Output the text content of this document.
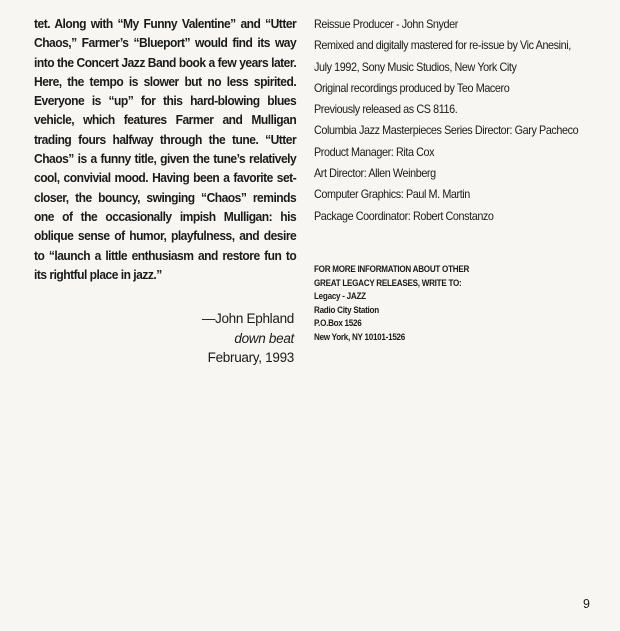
tet. Along with “My Funny Valentine” and “Utter Chaos,” Farmer’s “Blueport” would find its way into the Concert Jazz Band book a few years later. Here, the tempo is slower but no less spirited. Everyone is “up” for this hard-blowing blues vehicle, which features Farmer and Mulligan trading fours halfway through the tune. “Utter Chaos” is a funny title, given the tune’s relatively cool, convivial mood. Having been a favorite set-closer, the bouncy, swinging “Chaos” reminds one of the occasionally impish Mulligan: his oblique sense of humor, playfulness, and desire to “launch a little enthusiasm and restore fun to its rightful place in jazz.”

—John Ephland
down beat
February, 1993
Reissue Producer - John Snyder
Remixed and digitally mastered for re-issue by Vic Anesini,
July 1992, Sony Music Studios, New York City
Original recordings produced by Teo Macero
Previously released as CS 8116.
Columbia Jazz Masterpieces Series Director: Gary Pacheco
Product Manager: Rita Cox
Art Director: Allen Weinberg
Computer Graphics: Paul M. Martin
Package Coordinator: Robert Constanzo
FOR MORE INFORMATION ABOUT OTHER
GREAT LEGACY RELEASES, WRITE TO:
Legacy - JAZZ
Radio City Station
P.O.Box 1526
New York, NY 10101-1526
9
